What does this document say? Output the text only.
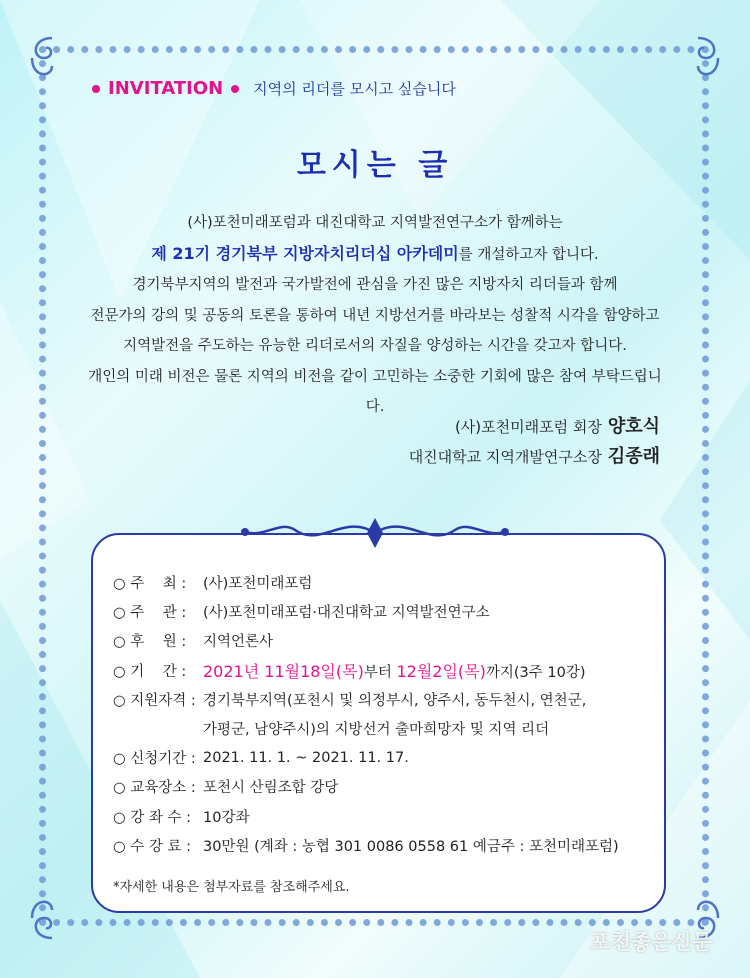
INVITATION 지역의 리더를 모시고 싶습니다
모시는 글
(사)포천미래포럼과 대진대학교 지역발전연구소가 함께하는
제 21기 경기북부 지방자치리더십 아카데미를 개설하고자 합니다.
경기북부지역의 발전과 국가발전에 관심을 가진 많은 지방자치 리더들과 함께
전문가의 강의 및 공동의 토론을 통하여 내년 지방선거를 바라보는 성찰적 시각을 함양하고
지역발전을 주도하는 유능한 리더로서의 자질을 양성하는 시간을 갖고자 합니다.
개인의 미래 비전은 물론 지역의 비전을 같이 고민하는 소중한 기회에 많은 참여 부탁드립니다.
(사)포천미래포럼 회장 양호식
대진대학교 지역개발연구소장 김종래
○ 주    최 :	(사)포천미래포럼
○ 주    관 :	(사)포천미래포럼·대진대학교 지역발전연구소
○ 후    원 :	지역언론사
○ 기    간 :	2021년 11월18일(목)부터 12월2일(목)까지(3주 10강)
○ 지원자격 : 경기북부지역(포천시 및 의정부시, 양주시, 동두천시, 연천군,
가평군, 남양주시)의 지방선거 출마희망자 및 지역 리더
○ 신청기간 : 2021. 11. 1. ~ 2021. 11. 17.
○ 교육장소 : 포천시 산림조합 강당
○ 강 좌 수 : 10강좌
○ 수 강 료 : 30만원 (계좌 : 농협 301 0086 0558 61 예금주 : 포천미래포럼)
*자세한 내용은 첨부자료를 참조해주세요.
포천좋은신문
